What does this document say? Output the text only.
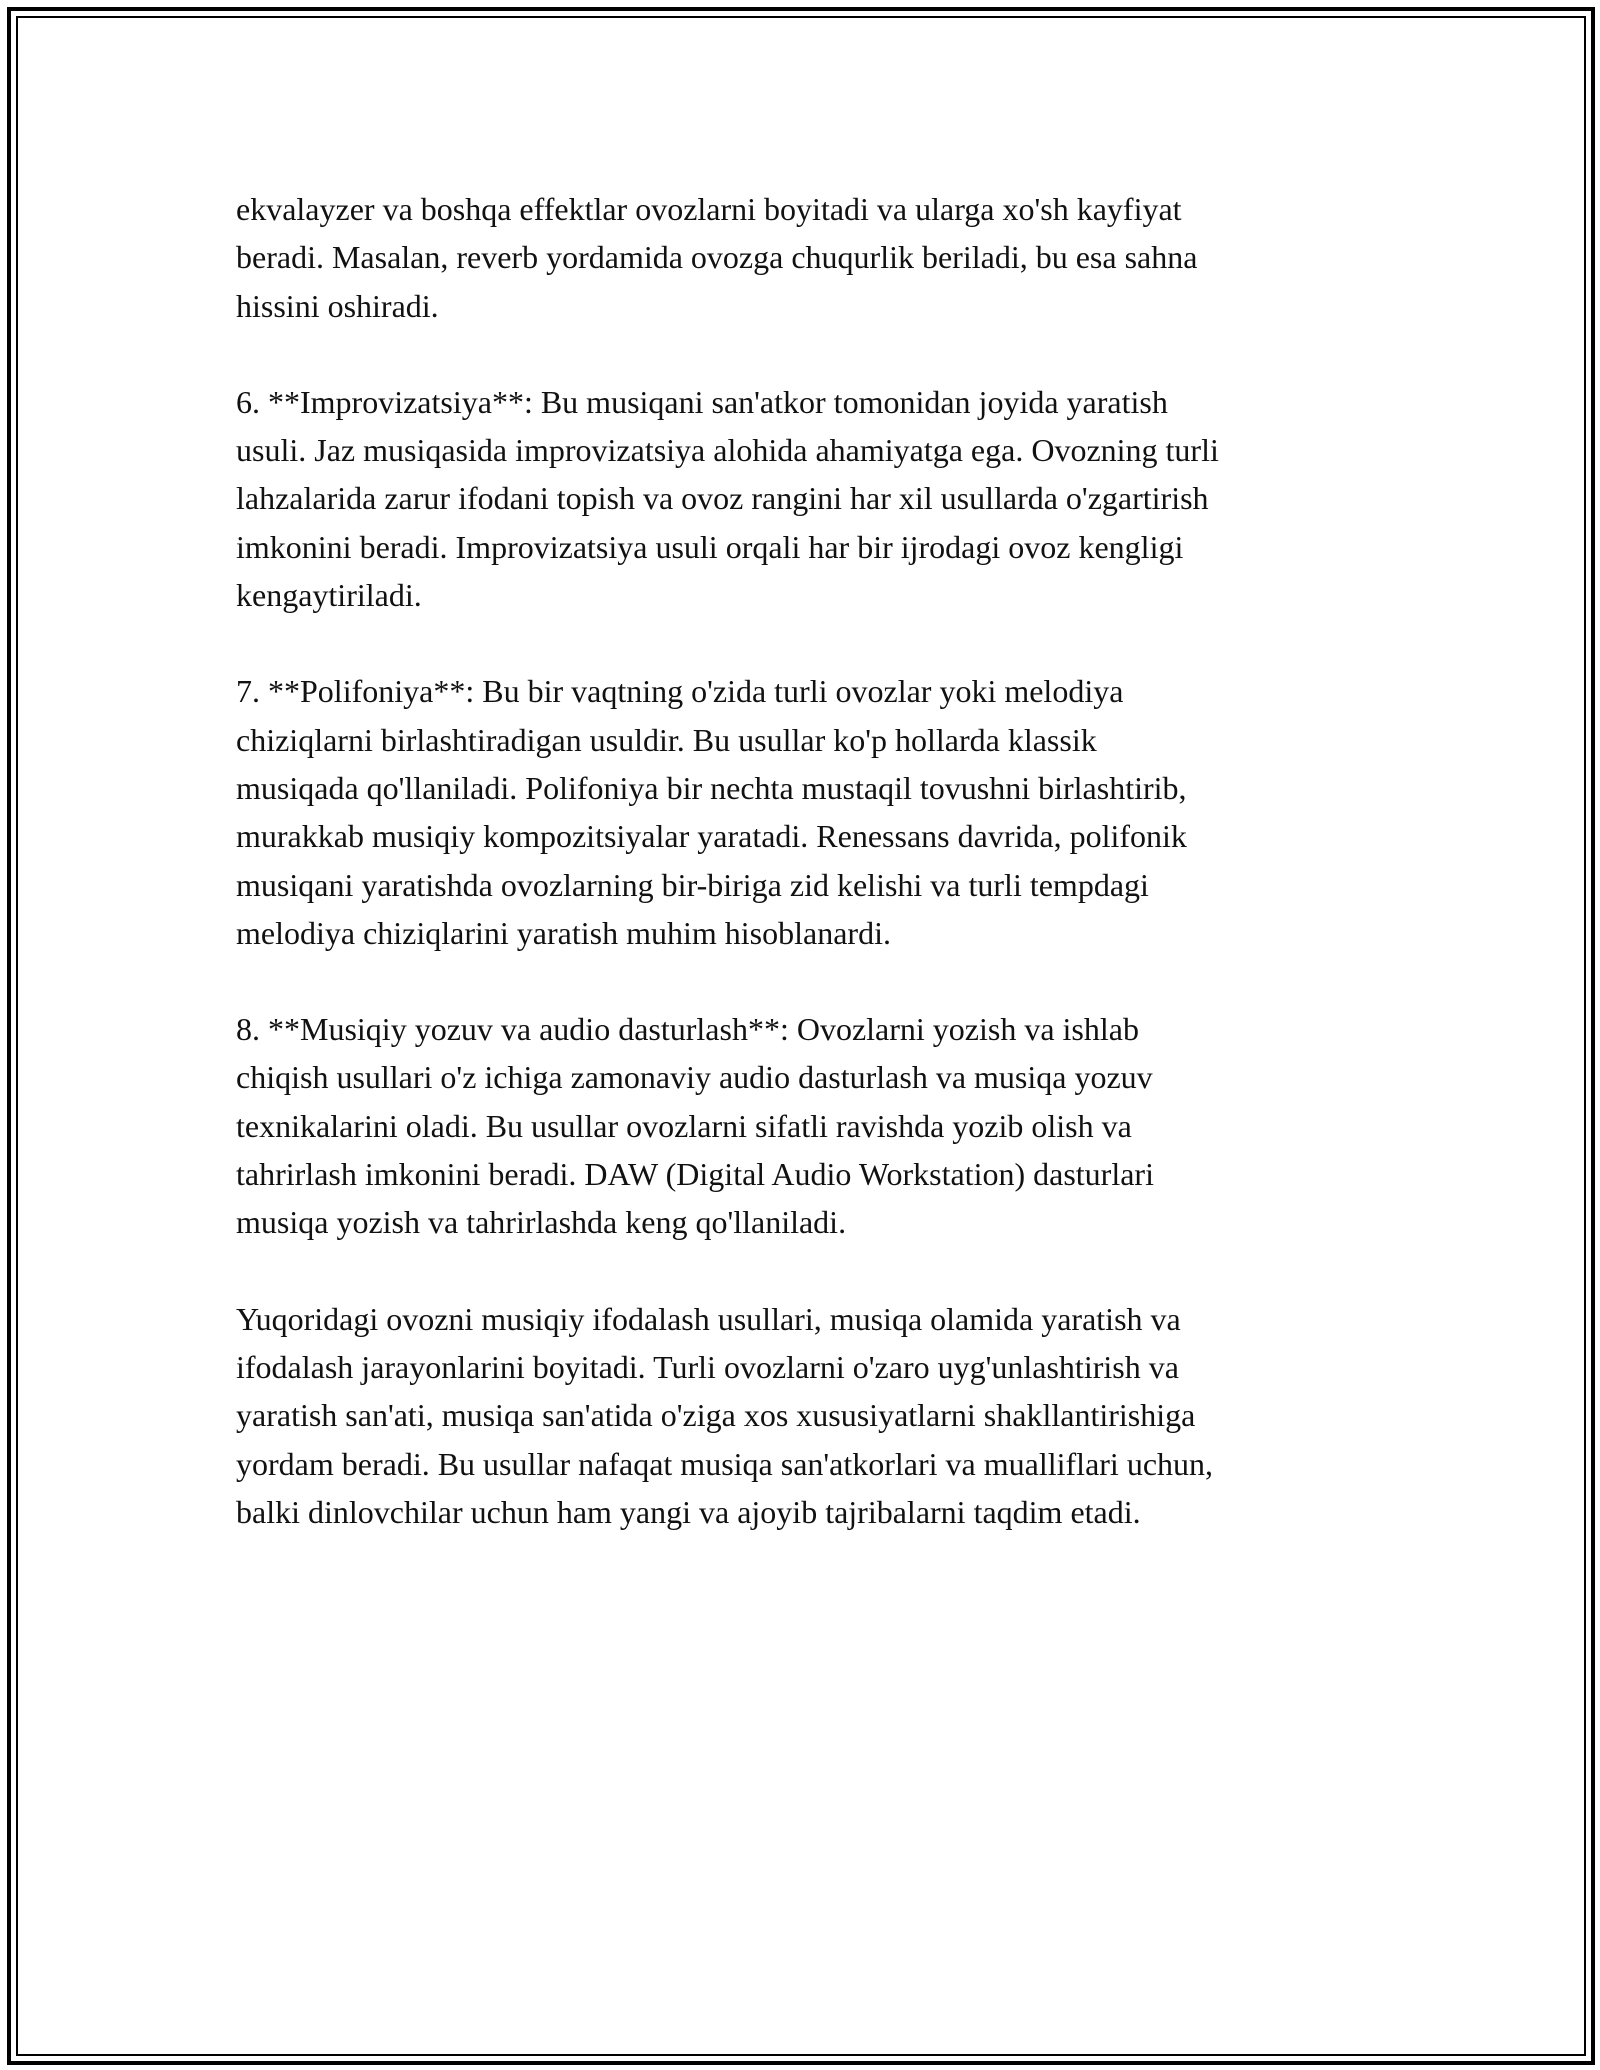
ekvalayzer va boshqa effektlar ovozlarni boyitadi va ularga xo'sh kayfiyat
beradi. Masalan, reverb yordamida ovozga chuqurlik beriladi, bu esa sahna
hissini oshiradi.

6. **Improvizatsiya**: Bu musiqani san'atkor tomonidan joyida yaratish
usuli. Jaz musiqasida improvizatsiya alohida ahamiyatga ega. Ovozning turli
lahzalarida zarur ifodani topish va ovoz rangini har xil usullarda o'zgartirish
imkonini beradi. Improvizatsiya usuli orqali har bir ijrodagi ovoz kengligi
kengaytiriladi.

7. **Polifoniya**: Bu bir vaqtning o'zida turli ovozlar yoki melodiya
chiziqlarni birlashtiradigan usuldir. Bu usullar ko'p hollarda klassik
musiqada qo'llaniladi. Polifoniya bir nechta mustaqil tovushni birlashtirib,
murakkab musiqiy kompozitsiyalar yaratadi. Renessans davrida, polifonik
musiqani yaratishda ovozlarning bir-biriga zid kelishi va turli tempdagi
melodiya chiziqlarini yaratish muhim hisoblanardi.

8. **Musiqiy yozuv va audio dasturlash**: Ovozlarni yozish va ishlab
chiqish usullari o'z ichiga zamonaviy audio dasturlash va musiqa yozuv
texnikalarini oladi. Bu usullar ovozlarni sifatli ravishda yozib olish va
tahrirlash imkonini beradi. DAW (Digital Audio Workstation) dasturlari
musiqa yozish va tahrirlashda keng qo'llaniladi.

Yuqoridagi ovozni musiqiy ifodalash usullari, musiqa olamida yaratish va
ifodalash jarayonlarini boyitadi. Turli ovozlarni o'zaro uyg'unlashtirish va
yaratish san'ati, musiqa san'atida o'ziga xos xususiyatlarni shakllantirishiga
yordam beradi. Bu usullar nafaqat musiqa san'atkorlari va mualliflari uchun,
balki dinlovchilar uchun ham yangi va ajoyib tajribalarni taqdim etadi.
